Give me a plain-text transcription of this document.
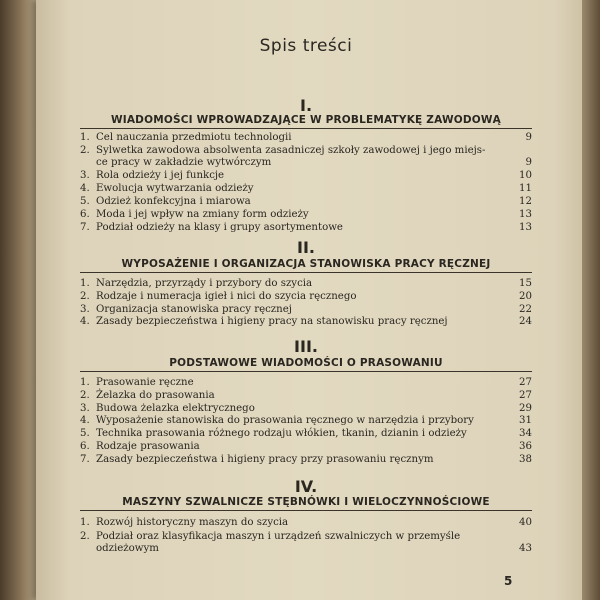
Spis treści
I.
WIADOMOŚCI WPROWADZAJĄCE W PROBLEMATYKĘ ZAWODOWĄ
1. Cel nauczania przedmiotu technologii	9
2. Sylwetka zawodowa absolwenta zasadniczej szkoły zawodowej i jego miejs-
ce pracy w zakładzie wytwórczym	9
3. Rola odzieży i jej funkcje	10
4. Ewolucja wytwarzania odzieży	11
5. Odzież konfekcyjna i miarowa	12
6. Moda i jej wpływ na zmiany form odzieży	13
7. Podział odzieży na klasy i grupy asortymentowe	13
II.
WYPOSAŻENIE I ORGANIZACJA STANOWISKA PRACY RĘCZNEJ
1. Narzędzia, przyrządy i przybory do szycia	15
2. Rodzaje i numeracja igieł i nici do szycia ręcznego	20
3. Organizacja stanowiska pracy ręcznej	22
4. Zasady bezpieczeństwa i higieny pracy na stanowisku pracy ręcznej	24
III.
PODSTAWOWE WIADOMOŚCI O PRASOWANIU
1. Prasowanie ręczne	27
2. Żelazka do prasowania	27
3. Budowa żelazka elektrycznego	29
4. Wyposażenie stanowiska do prasowania ręcznego w narzędzia i przybory	31
5. Technika prasowania różnego rodzaju włókien, tkanin, dzianin i odzieży	34
6. Rodzaje prasowania	36
7. Zasady bezpieczeństwa i higieny pracy przy prasowaniu ręcznym	38
IV.
MASZYNY SZWALNICZE STĘBNÓWKI I WIELOCZYNNOŚCIOWE
1. Rozwój historyczny maszyn do szycia	40
2. Podział oraz klasyfikacja maszyn i urządzeń szwalniczych w przemyśle
odzieżowym	43
5
